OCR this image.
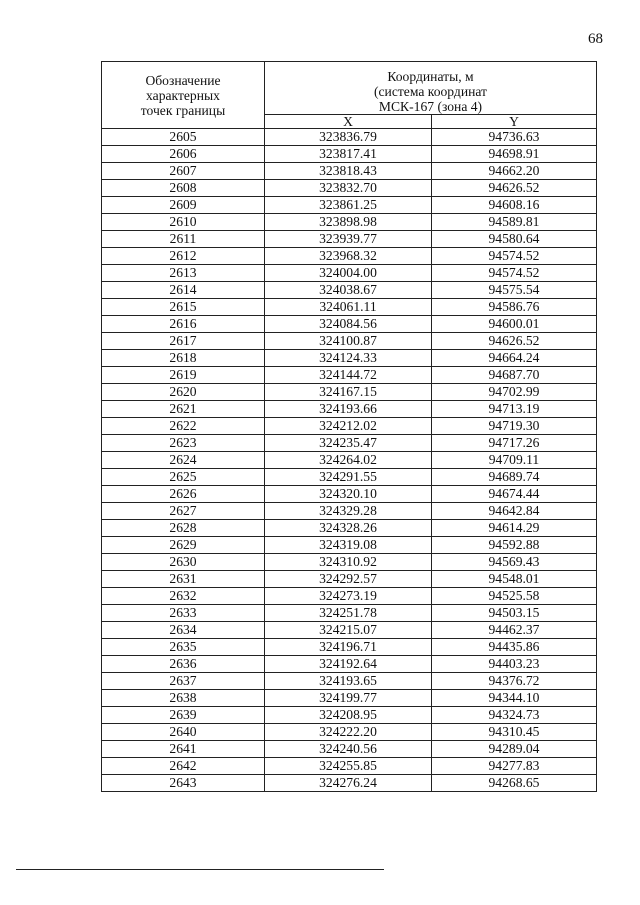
68
Обозначение
характерных
точек границы	Координаты, м
(система координат
МСК-167 (зона 4)	

	X	Y
2605	323836.79	94736.63
2606	323817.41	94698.91
2607	323818.43	94662.20
2608	323832.70	94626.52
2609	323861.25	94608.16
2610	323898.98	94589.81
2611	323939.77	94580.64
2612	323968.32	94574.52
2613	324004.00	94574.52
2614	324038.67	94575.54
2615	324061.11	94586.76
2616	324084.56	94600.01
2617	324100.87	94626.52
2618	324124.33	94664.24
2619	324144.72	94687.70
2620	324167.15	94702.99
2621	324193.66	94713.19
2622	324212.02	94719.30
2623	324235.47	94717.26
2624	324264.02	94709.11
2625	324291.55	94689.74
2626	324320.10	94674.44
2627	324329.28	94642.84
2628	324328.26	94614.29
2629	324319.08	94592.88
2630	324310.92	94569.43
2631	324292.57	94548.01
2632	324273.19	94525.58
2633	324251.78	94503.15
2634	324215.07	94462.37
2635	324196.71	94435.86
2636	324192.64	94403.23
2637	324193.65	94376.72
2638	324199.77	94344.10
2639	324208.95	94324.73
2640	324222.20	94310.45
2641	324240.56	94289.04
2642	324255.85	94277.83
2643	324276.24	94268.65
